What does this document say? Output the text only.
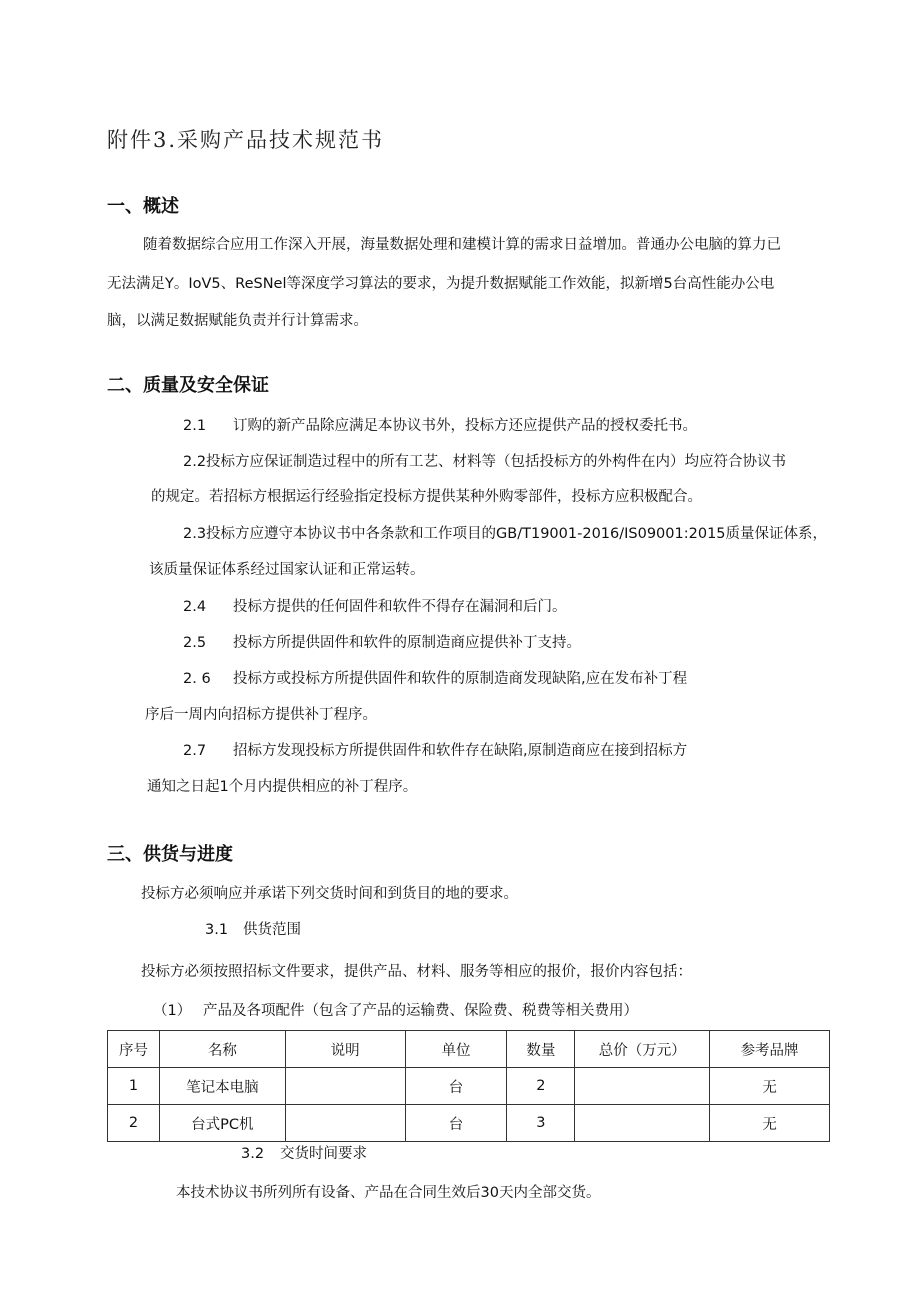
附件3.采购产品技术规范书
一、概述
随着数据综合应用工作深入开展，海量数据处理和建模计算的需求日益增加。普通办公电脑的算力已
无法满足Y。IoV5、ReSNel等深度学习算法的要求，为提升数据赋能工作效能，拟新增5台高性能办公电
脑，以满足数据赋能负责并行计算需求。
二、质量及安全保证
2.1 订购的新产品除应满足本协议书外，投标方还应提供产品的授权委托书。
2.2投标方应保证制造过程中的所有工艺、材料等（包括投标方的外构件在内）均应符合协议书
的规定。若招标方根据运行经验指定投标方提供某种外购零部件，投标方应积极配合。
2.3投标方应遵守本协议书中各条款和工作项目的GB/T19001-2016/IS09001:2015质量保证体系，
该质量保证体系经过国家认证和正常运转。
2.4 投标方提供的任何固件和软件不得存在漏洞和后门。
2.5 投标方所提供固件和软件的原制造商应提供补丁支持。
2. 6 投标方或投标方所提供固件和软件的原制造商发现缺陷,应在发布补丁程
序后一周内向招标方提供补丁程序。
2.7 招标方发现投标方所提供固件和软件存在缺陷,原制造商应在接到招标方
通知之日起1个月内提供相应的补丁程序。
三、供货与进度
投标方必须响应并承诺下列交货时间和到货目的地的要求。
3.1 供货范围
投标方必须按照招标文件要求，提供产品、材料、服务等相应的报价，报价内容包括：
（1） 产品及各项配件（包含了产品的运输费、保险费、税费等相关费用）
序号	名称	说明	单位	数量	总价（万元）	参考品牌
1	笔记本电脑		台	2		无
2	台式PC机		台	3		无
3.2 交货时间要求
本技术协议书所列所有设备、产品在合同生效后30天内全部交货。
